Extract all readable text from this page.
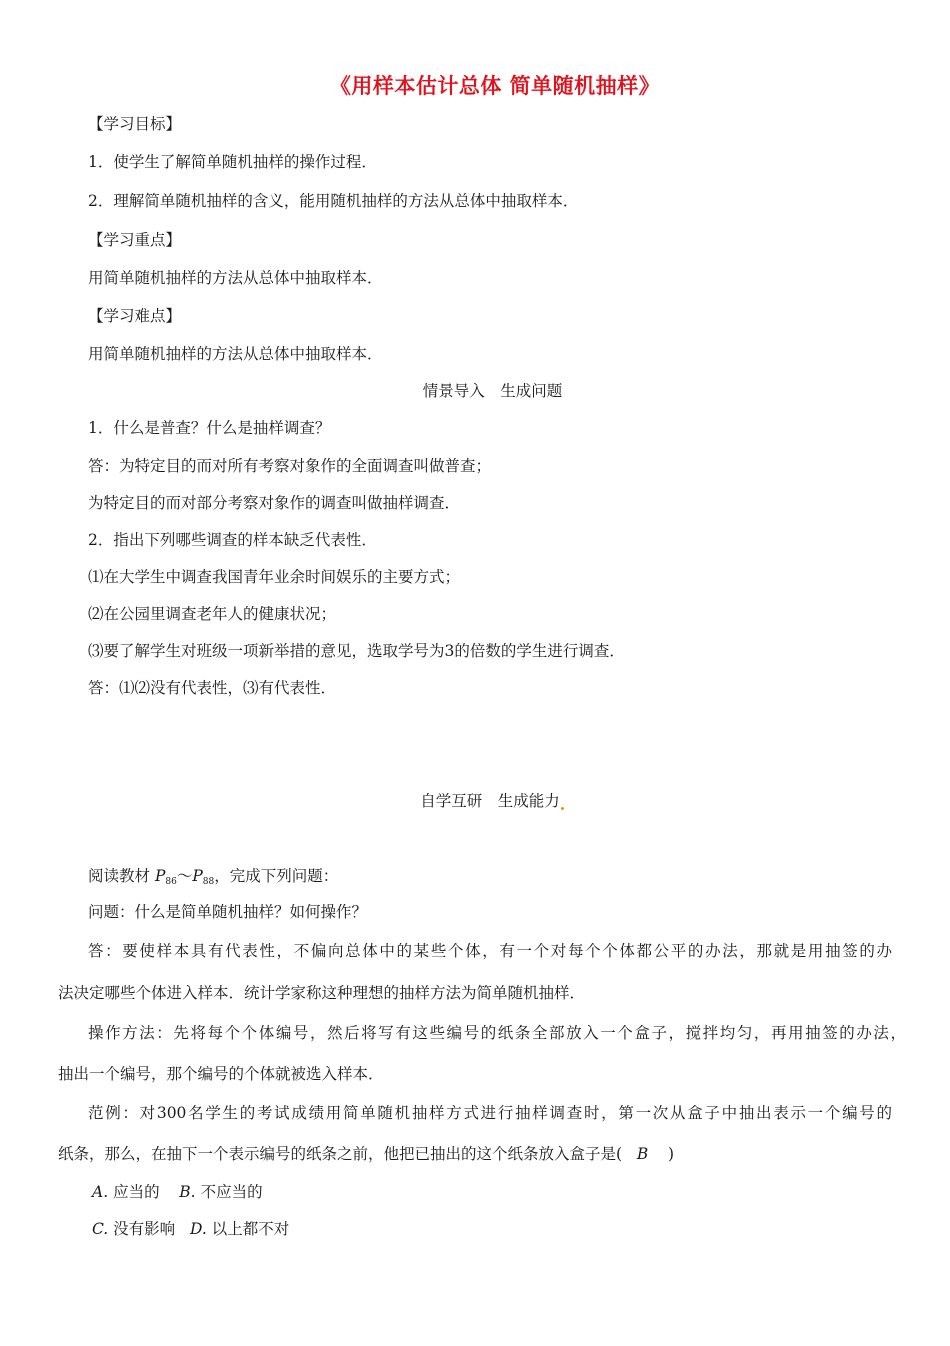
《用样本估计总体 简单随机抽样》
【学习目标】
1．使学生了解简单随机抽样的操作过程．
2．理解简单随机抽样的含义，能用随机抽样的方法从总体中抽取样本．
【学习重点】
用简单随机抽样的方法从总体中抽取样本．
【学习难点】
用简单随机抽样的方法从总体中抽取样本．
情景导入　生成问题
1．什么是普查？什么是抽样调查？
答：为特定目的而对所有考察对象作的全面调查叫做普查；
为特定目的而对部分考察对象作的调查叫做抽样调查．
2．指出下列哪些调查的样本缺乏代表性．
⑴在大学生中调查我国青年业余时间娱乐的主要方式；
⑵在公园里调查老年人的健康状况；
⑶要了解学生对班级一项新举措的意见，选取学号为3的倍数的学生进行调查．
答：⑴⑵没有代表性，⑶有代表性．
自学互研　生成能力
阅读教材 $P_{86}\sim P_{88}$，完成下列问题：
问题：什么是简单随机抽样？如何操作？
答：要使样本具有代表性，不偏向总体中的某些个体，有一个对每个个体都公平的办法，那就是用抽签的办
法决定哪些个体进入样本．统计学家称这种理想的抽样方法为简单随机抽样．
操作方法：先将每个个体编号，然后将写有这些编号的纸条全部放入一个盒子，搅拌均匀，再用抽签的办法，
抽出一个编号，那个编号的个体就被选入样本．
范例：对300名学生的考试成绩用简单随机抽样方式进行抽样调查时，第一次从盒子中抽出表示一个编号的
纸条，那么，在抽下一个表示编号的纸条之前，他把已抽出的这个纸条放入盒子是( B )
A. 应当的 B. 不应当的
C. 没有影响 D. 以上都不对
